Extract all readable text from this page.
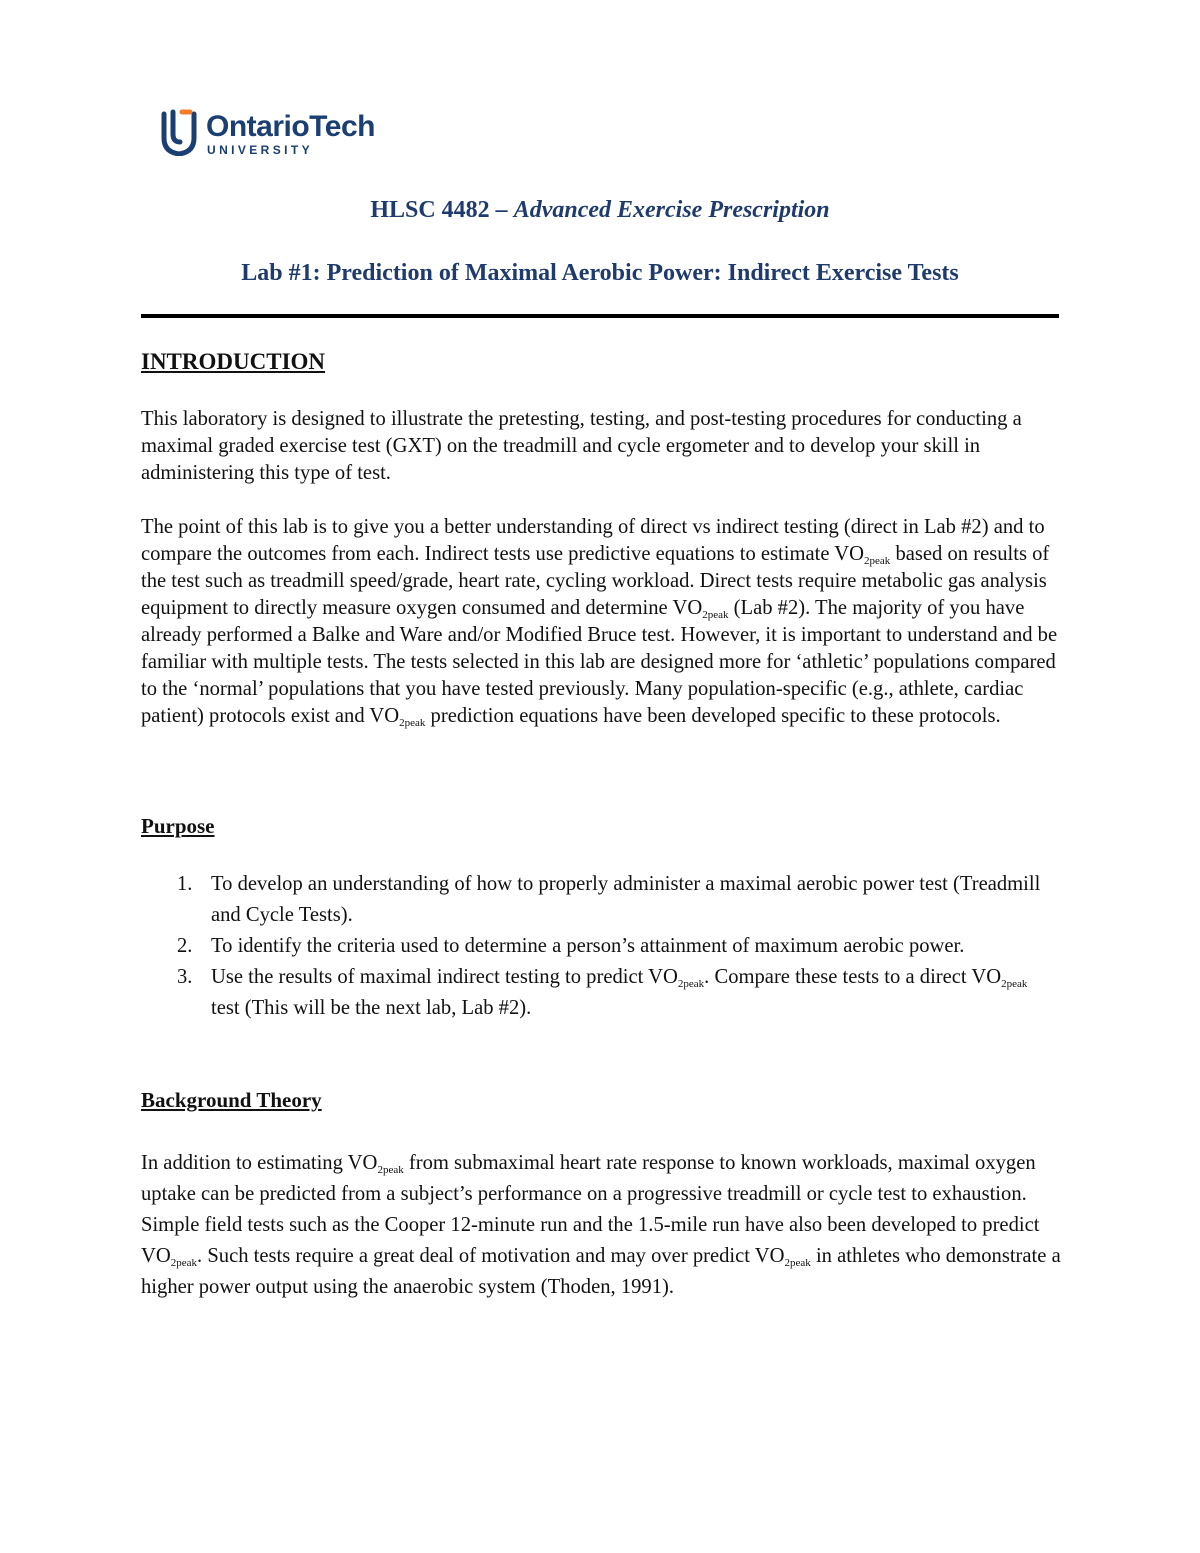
OntarioTech
UNIVERSITY
HLSC 4482 – Advanced Exercise Prescription
Lab #1: Prediction of Maximal Aerobic Power: Indirect Exercise Tests
INTRODUCTION
This laboratory is designed to illustrate the pretesting, testing, and post-testing procedures for conducting a maximal graded exercise test (GXT) on the treadmill and cycle ergometer and to develop your skill in administering this type of test.
The point of this lab is to give you a better understanding of direct vs indirect testing (direct in Lab #2) and to compare the outcomes from each. Indirect tests use predictive equations to estimate $VO_{2peak}$ based on results of the test such as treadmill speed/grade, heart rate, cycling workload. Direct tests require metabolic gas analysis equipment to directly measure oxygen consumed and determine $VO_{2peak}$ (Lab #2). The majority of you have already performed a Balke and Ware and/or Modified Bruce test. However, it is important to understand and be familiar with multiple tests. The tests selected in this lab are designed more for ‘athletic’ populations compared to the ‘normal’ populations that you have tested previously. Many population-specific (e.g., athlete, cardiac patient) protocols exist and $VO_{2peak}$ prediction equations have been developed specific to these protocols.
Purpose
1. To develop an understanding of how to properly administer a maximal aerobic power test (Treadmill and Cycle Tests).
2. To identify the criteria used to determine a person’s attainment of maximum aerobic power.
3. Use the results of maximal indirect testing to predict $VO_{2peak}$. Compare these tests to a direct $VO_{2peak}$ test (This will be the next lab, Lab #2).
Background Theory
In addition to estimating $VO_{2peak}$ from submaximal heart rate response to known workloads, maximal oxygen uptake can be predicted from a subject’s performance on a progressive treadmill or cycle test to exhaustion. Simple field tests such as the Cooper 12-minute run and the 1.5-mile run have also been developed to predict $VO_{2peak}$. Such tests require a great deal of motivation and may over predict $VO_{2peak}$ in athletes who demonstrate a higher power output using the anaerobic system (Thoden, 1991).
